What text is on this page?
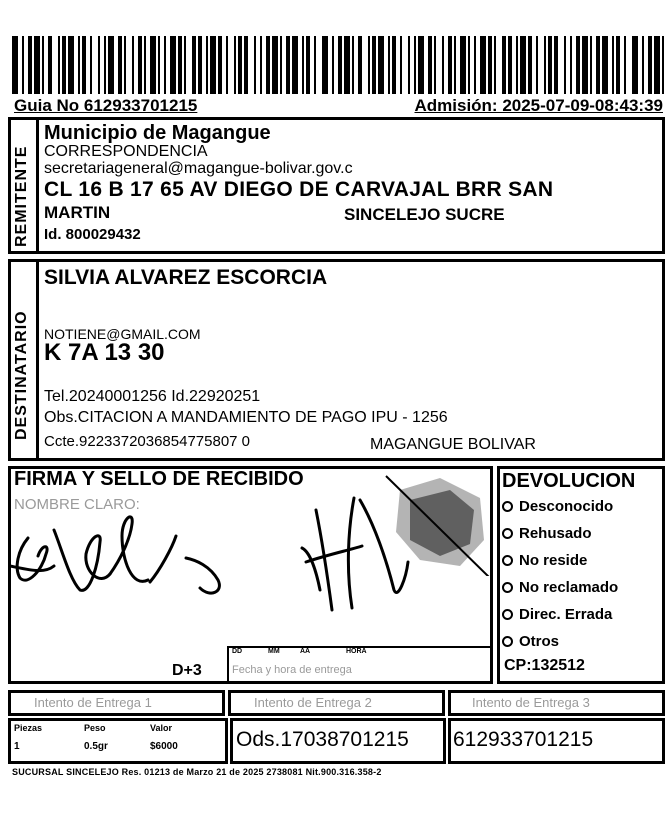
Guia No 612933701215	Admisión: 2025-07-09-08:43:39
REMITENTE
Municipio de Magangue
CORRESPONDENCIA
secretariageneral@magangue-bolivar.gov.c
CL 16 B 17 65 AV DIEGO DE CARVAJAL BRR SAN
MARTIN	SINCELEJO SUCRE
Id. 800029432
DESTINATARIO
SILVIA ALVAREZ ESCORCIA
NOTIENE@GMAIL.COM
K 7A 13 30
Tel.20240001256 Id.22920251
Obs.CITACION A MANDAMIENTO DE PAGO IPU - 1256
Ccte.9223372036854775807 0	MAGANGUE BOLIVAR
FIRMA Y SELLO DE RECIBIDO
NOMBRE CLARO:
D+3
DD	MM	AA	HORA
Fecha y hora de entrega
DEVOLUCION
Desconocido
Rehusado
No reside
No reclamado
Direc. Errada
Otros
CP:132512
Intento de Entrega 1	Intento de Entrega 2	Intento de Entrega 3
Piezas	Peso	Valor
1	0.5gr	$6000	Ods.17038701215 612933701215
SUCURSAL SINCELEJO Res. 01213 de Marzo 21 de 2025 2738081 Nit.900.316.358-2
